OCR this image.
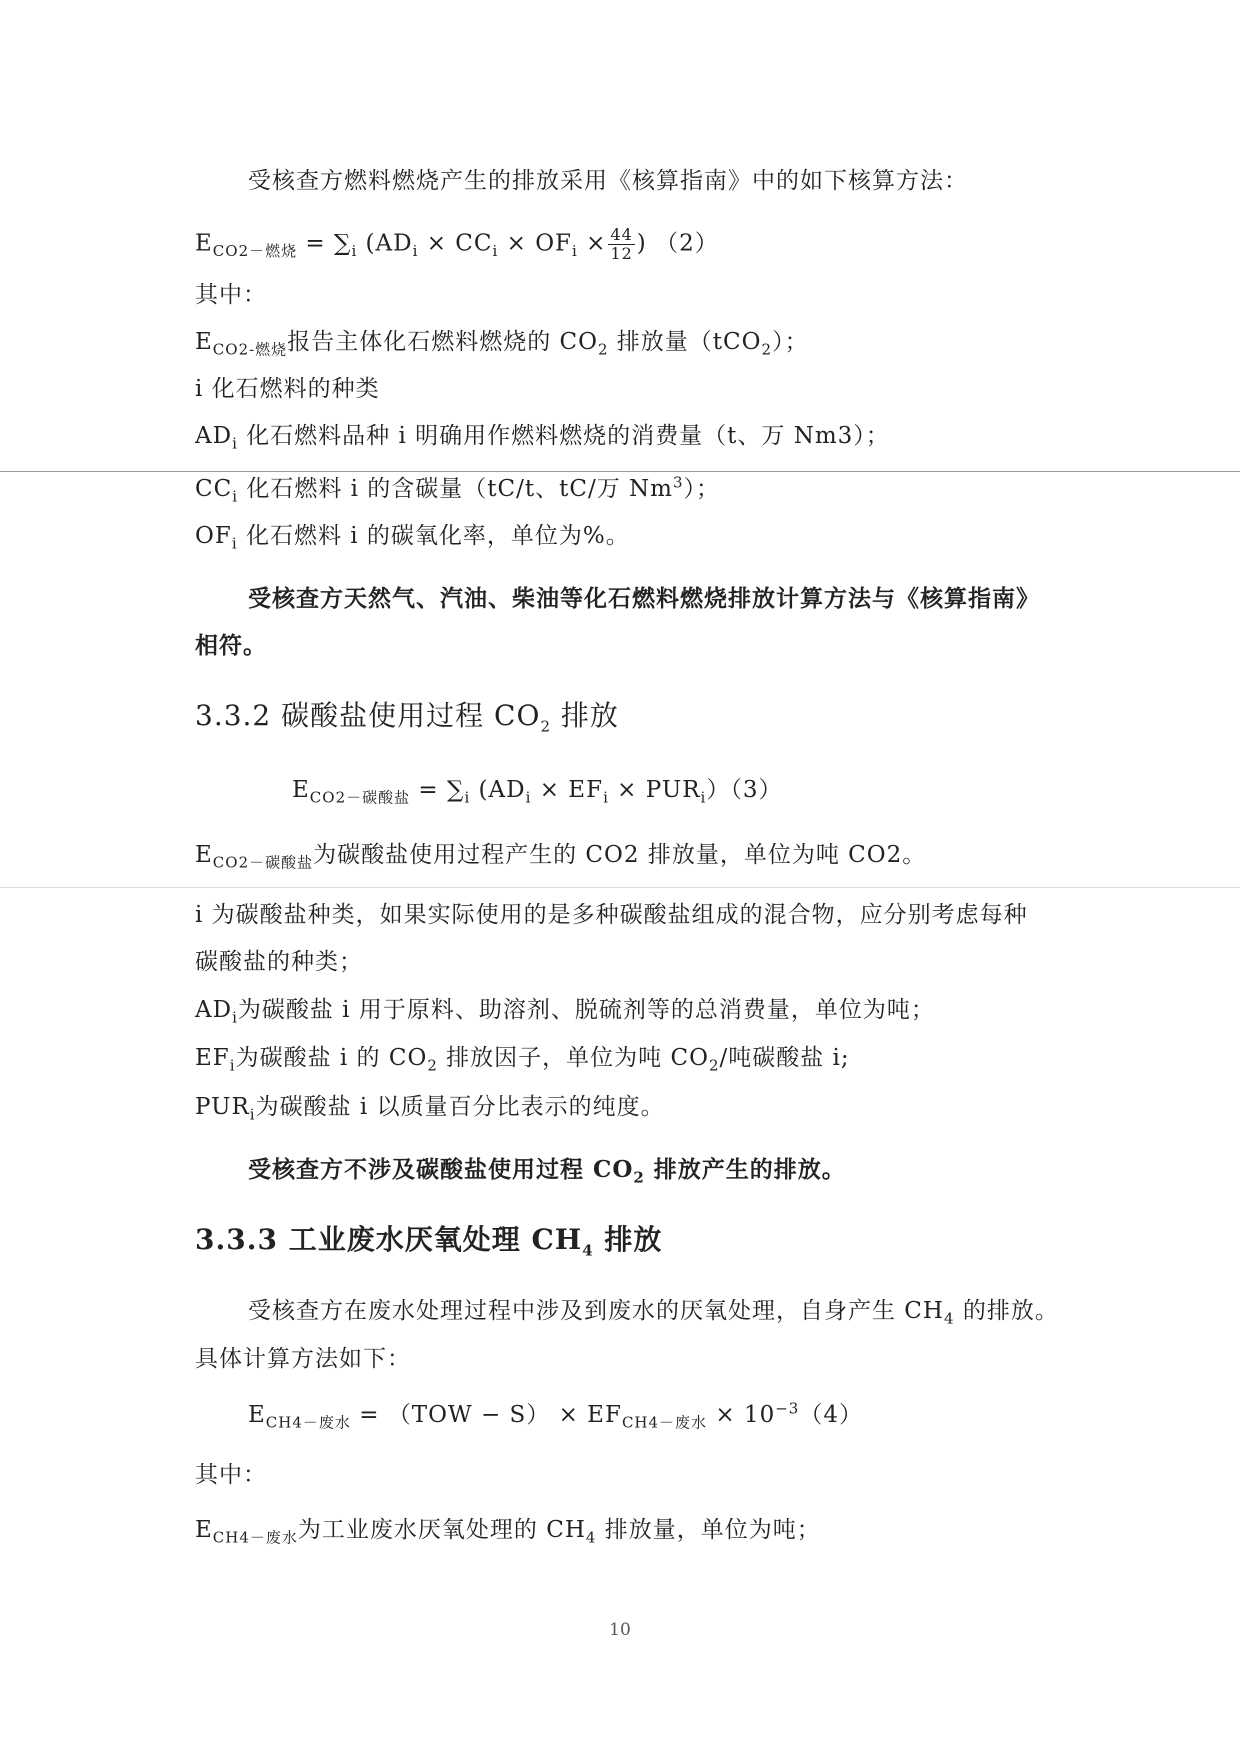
受核查方燃料燃烧产生的排放采用《核算指南》中的如下核算方法：
$E_{CO2-燃烧} = \sum_i$ ($AD_i \times CC_i \times OF_i \times \frac{44}{12}$ ) （2）
其中：
$E_{CO2-燃烧}$报告主体化石燃料燃烧的 $CO_2$ 排放量（tCO$_2$）；
i 化石燃料的种类
$AD_i$ 化石燃料品种 i 明确用作燃料燃烧的消费量（t、万 Nm3）；
$CC_i$ 化石燃料 i 的含碳量（tC/t、tC/万 Nm$^3$）；
$OF_i$ 化石燃料 i 的碳氧化率，单位为%。
受核查方天然气、汽油、柴油等化石燃料燃烧排放计算方法与《核算指南》
相符。
3.3.2 碳酸盐使用过程 $CO_2$ 排放
$E_{CO2-碳酸盐} = \sum_i$ $(AD_i \times EF_i \times PUR_i)(3)$
$E_{CO2-碳酸盐}$为碳酸盐使用过程产生的 CO2 排放量，单位为吨 CO2。
i 为碳酸盐种类，如果实际使用的是多种碳酸盐组成的混合物，应分别考虑每种
碳酸盐的种类；
$AD_i$为碳酸盐 i 用于原料、助溶剂、脱硫剂等的总消费量，单位为吨；
$EF_i$为碳酸盐 i 的 $CO_2$ 排放因子，单位为吨 $CO_2/$吨碳酸盐 i;
$PUR_i$为碳酸盐 i 以质量百分比表示的纯度。
受核查方不涉及碳酸盐使用过程 $CO_2$ 排放产生的排放。
3.3.3 工业废水厌氧处理 $CH_4$ 排放
受核查方在废水处理过程中涉及到废水的厌氧处理，自身产生 $CH_4$ 的排放。
具体计算方法如下：
$E_{CH4-废水} = (TOW - S) \times EF_{CH4-废水} \times 10^{-3}(4)$
其中：
$E_{CH4-废水}$为工业废水厌氧处理的 $CH_4$ 排放量，单位为吨；
10
